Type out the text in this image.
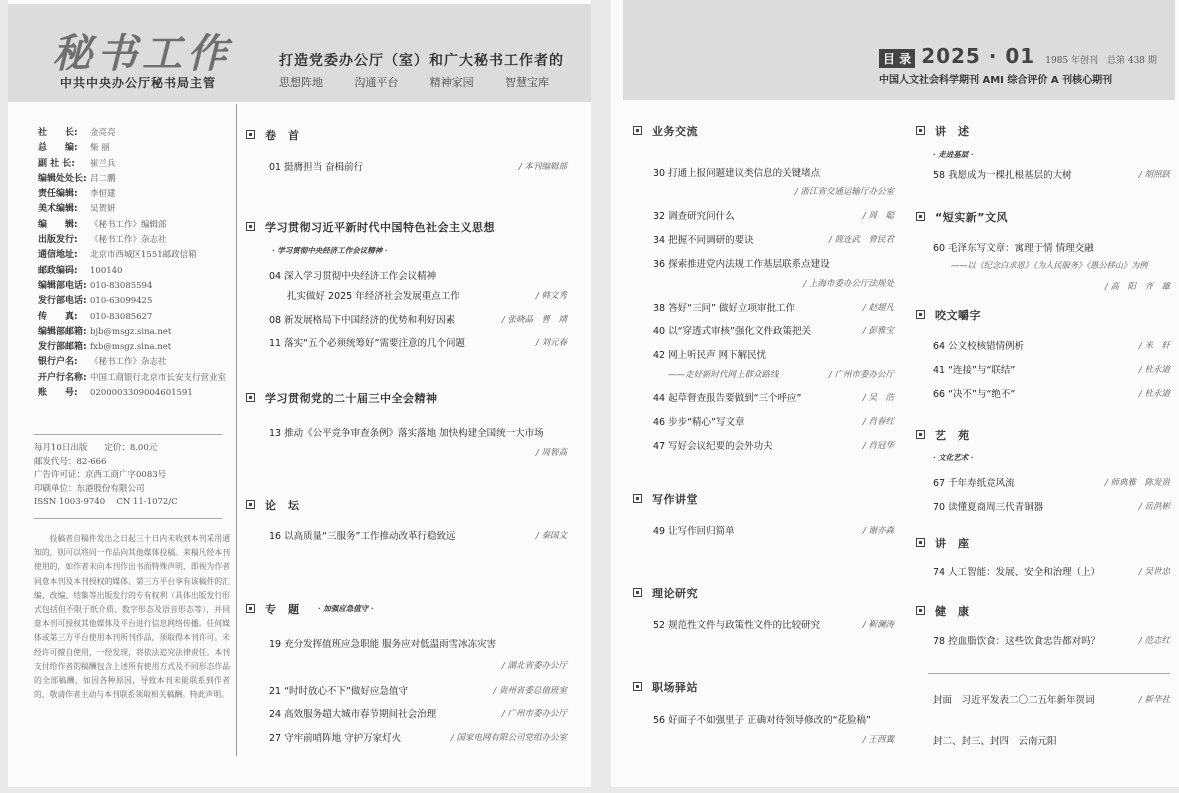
秘书工作
中共中央办公厅秘书局主管
打造党委办公厅（室）和广大秘书工作者的
思想阵地	沟通平台	精神家园	智慧宝库
社　　长:	金亮亮
总　　编:	柴 丽
副 社 长:	崔兰兵
编辑处处长: 吕二鹏
责任编辑:	李恒建
美术编辑:	吴贺妍
编　　辑:	《秘书工作》编辑部
出版发行:	《秘书工作》杂志社
通信地址:	北京市西城区1551邮政信箱
邮政编码:	100140
编辑部电话: 010-83085594
发行部电话: 010-63099425
传　　真:	010-83085627
编辑部邮箱: bjb@msgz.sina.net
发行部邮箱: fxb@msgz.sina.net
银行户名:	《秘书工作》杂志社
开户行名称: 中国工商银行北京市长安支行营业室
账　　号:	0200003309004601591
每月10日出版　　定价：8.00元
邮发代号：82-666
广告许可证：京西工商广字0083号
印刷单位：东港股份有限公司
ISSN 1003-9740　 CN 11-1072/C
投稿者自稿件发出之日起三十日内未收到本刊采用通知的，则可以将同一作品向其他媒体投稿。来稿凡经本刊使用的，如作者未向本刊作出书面特殊声明，即视为作者同意本刊及本刊授权的媒体、第三方平台享有该稿件的汇编、改编、结集等出版发行的专有权利（具体出版发行形式包括但不限于纸介质、数字形态及语音形态等），并同意本刊可授权其他媒体及平台进行信息网络传播。任何媒体或第三方平台使用本刊所刊作品，须取得本刊许可。未经许可擅自使用，一经发现，将依法追究法律责任。本刊支付给作者的稿酬包含上述所有使用方式及不同形态作品的全部稿酬，如因各种原因，导致本刊未能联系到作者的，敬请作者主动与本刊联系领取相关稿酬。特此声明。
卷　首
01 挺膺担当 奋楫前行	/ 本刊编辑部
学习贯彻习近平新时代中国特色社会主义思想
· 学习贯彻中央经济工作会议精神 ·
04 深入学习贯彻中央经济工作会议精神
扎实做好 2025 年经济社会发展重点工作	/ 韩文秀
08 新发展格局下中国经济的优势和利好因素	/ 张晓晶　曹　靖
11 落实“五个必须统筹好”需要注意的几个问题	/ 刘元春
学习贯彻党的二十届三中全会精神
13 推动《公平竞争审查条例》落实落地 加快构建全国统一大市场
/ 周智高
论　坛
16 以高质量“三服务”工作推动改革行稳致远	/ 秦国文
专　题 · 加强应急值守 ·
19 充分发挥值班应急职能 服务应对低温雨雪冰冻灾害
/ 湖北省委办公厅
21 “时时放心不下”做好应急值守	/ 贵州省委总值班室
24 高效服务超大城市春节期间社会治理	/ 广州市委办公厅
27 守牢前哨阵地 守护万家灯火	/ 国家电网有限公司党组办公室
目 录 2025 · 01 1985 年创刊　总第 438 期
中国人文社会科学期刊 AMI 综合评价 A 刊核心期刊
业务交流
30 打通上报问题建议类信息的关键堵点
/ 浙江省交通运输厅办公室
32 调查研究问什么	/ 周　聪
34 把握不同调研的要诀	/ 简连武　曾民君
36 探索推进党内法规工作基层联系点建设
/ 上海市委办公厅法规处
38 答好“三问” 做好立项审批工作	/ 赵超凡
40 以“穿透式审核”强化文件政策把关	/ 彭雅宝
42 网上听民声 网下解民忧
——走好新时代网上群众路线	/ 广州市委办公厅
44 起草督查报告要做到“三个呼应”	/ 吴　浩
46 步步“精心”写文章	/ 肖春红
47 写好会议纪要的会外功夫	/ 肖冠华
写作讲堂
49 让写作回归简单	/ 谢亦森
理论研究
52 规范性文件与政策性文件的比较研究	/ 靳澜涛
职场驿站
56 好面子不如强里子 正确对待领导修改的“花脸稿”
/ 王西冀
讲　述
· 走进基层 ·
58 我愿成为一棵扎根基层的大树	/ 胡照跃
“短实新”文风
60 毛泽东写文章：寓理于情 情理交融
——以《纪念白求恩》《为人民服务》《愚公移山》为例
/ 高　阳　齐　雄
咬文嚼字
64 公文校核错情例析	/ 米　轩
41 “连接”与“联结”	/ 杜永道
66 “决不”与“绝不”	/ 杜永道
艺　苑
· 文化艺术 ·
67 千年寿纸竞风流	/ 师典雅　陈发贵
70 读懂夏商周三代青铜器	/ 岳洪彬
讲　座
74 人工智能：发展、安全和治理（上）	/ 吴世忠
健　康
78 控血脂饮食：这些饮食忠告都对吗？	/ 范志红
封面　习近平发表二〇二五年新年贺词	/ 新华社
封二、封三、封四　云南元阳
